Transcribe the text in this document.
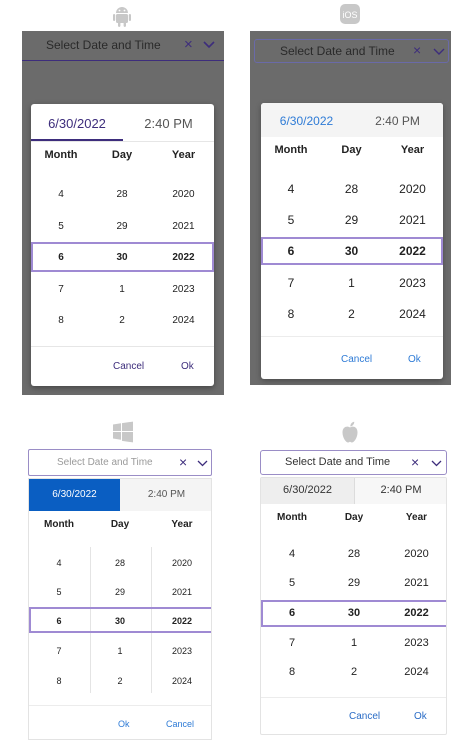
Select Date and Time ×
6/30/2022	2:40 PM
Month	Day	Year
4	28	2020
5	29	2021
6	30	2022
7	1	2023
8	2	2024
Cancel	Ok
iOS
Select Date and Time ×
6/30/2022	2:40 PM
Month	Day	Year
4	28	2020
5	29	2021
6	30	2022
7	1	2023
8	2	2024
Cancel	Ok
Select Date and Time ×
6/30/2022	2:40 PM
Month	Day	Year
4	28	2020
5	29	2021
6	30	2022
7	1	2023
8	2	2024
Ok	Cancel
Select Date and Time ×
6/30/2022	2:40 PM
Month	Day	Year
4	28	2020
5	29	2021
6	30	2022
7	1	2023
8	2	2024
Cancel	Ok
